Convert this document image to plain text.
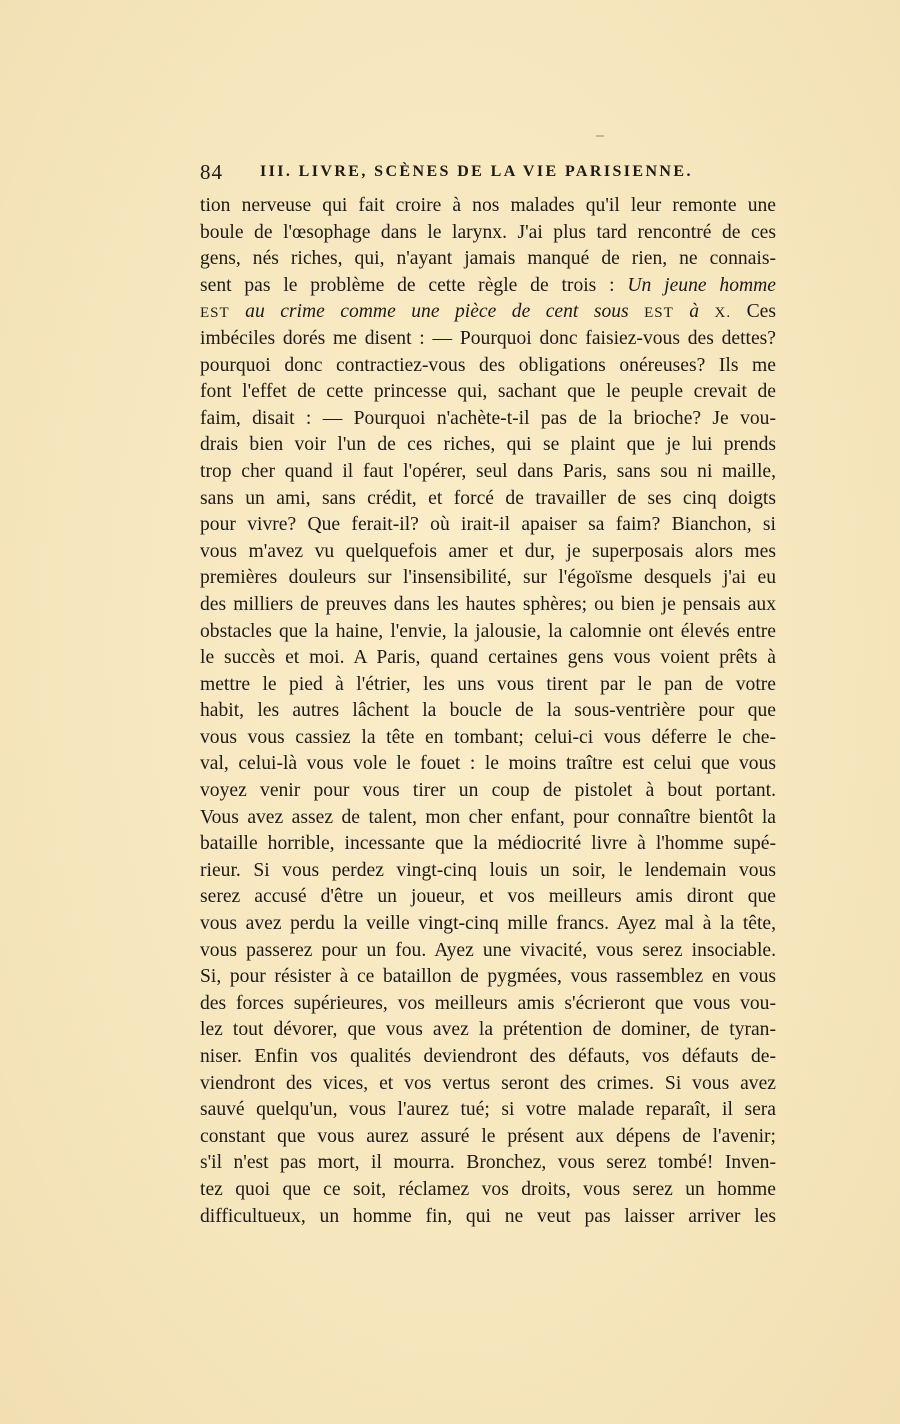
84 III. LIVRE, SCÈNES DE LA VIE PARISIENNE.
tion nerveuse qui fait croire à nos malades qu'il leur remonte une
boule de l'œsophage dans le larynx. J'ai plus tard rencontré de ces
gens, nés riches, qui, n'ayant jamais manqué de rien, ne connais-
sent pas le problème de cette règle de trois : Un jeune homme
EST au crime comme une pièce de cent sous EST à X. Ces
imbéciles dorés me disent : — Pourquoi donc faisiez-vous des dettes?
pourquoi donc contractiez-vous des obligations onéreuses? Ils me
font l'effet de cette princesse qui, sachant que le peuple crevait de
faim, disait : — Pourquoi n'achète-t-il pas de la brioche? Je vou-
drais bien voir l'un de ces riches, qui se plaint que je lui prends
trop cher quand il faut l'opérer, seul dans Paris, sans sou ni maille,
sans un ami, sans crédit, et forcé de travailler de ses cinq doigts
pour vivre? Que ferait-il? où irait-il apaiser sa faim? Bianchon, si
vous m'avez vu quelquefois amer et dur, je superposais alors mes
premières douleurs sur l'insensibilité, sur l'égoïsme desquels j'ai eu
des milliers de preuves dans les hautes sphères; ou bien je pensais aux
obstacles que la haine, l'envie, la jalousie, la calomnie ont élevés entre
le succès et moi. A Paris, quand certaines gens vous voient prêts à
mettre le pied à l'étrier, les uns vous tirent par le pan de votre
habit, les autres lâchent la boucle de la sous-ventrière pour que
vous vous cassiez la tête en tombant; celui-ci vous déferre le che-
val, celui-là vous vole le fouet : le moins traître est celui que vous
voyez venir pour vous tirer un coup de pistolet à bout portant.
Vous avez assez de talent, mon cher enfant, pour connaître bientôt la
bataille horrible, incessante que la médiocrité livre à l'homme supé-
rieur. Si vous perdez vingt-cinq louis un soir, le lendemain vous
serez accusé d'être un joueur, et vos meilleurs amis diront que
vous avez perdu la veille vingt-cinq mille francs. Ayez mal à la tête,
vous passerez pour un fou. Ayez une vivacité, vous serez insociable.
Si, pour résister à ce bataillon de pygmées, vous rassemblez en vous
des forces supérieures, vos meilleurs amis s'écrieront que vous vou-
lez tout dévorer, que vous avez la prétention de dominer, de tyran-
niser. Enfin vos qualités deviendront des défauts, vos défauts de-
viendront des vices, et vos vertus seront des crimes. Si vous avez
sauvé quelqu'un, vous l'aurez tué; si votre malade reparaît, il sera
constant que vous aurez assuré le présent aux dépens de l'avenir;
s'il n'est pas mort, il mourra. Bronchez, vous serez tombé! Inven-
tez quoi que ce soit, réclamez vos droits, vous serez un homme
difficultueux, un homme fin, qui ne veut pas laisser arriver les
